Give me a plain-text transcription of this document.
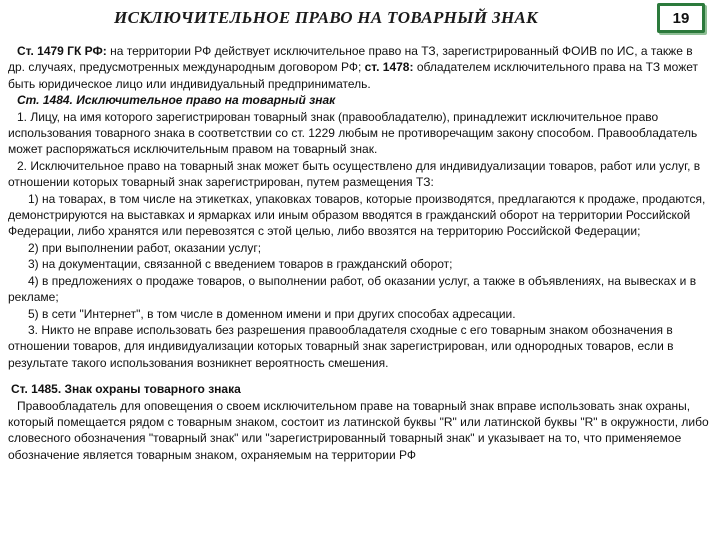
ИСКЛЮЧИТЕЛЬНОЕ ПРАВО НА ТОВАРНЫЙ ЗНАК	19

Ст. 1479 ГК РФ: на территории РФ действует исключительное право на ТЗ, зарегистрированный ФОИВ по ИС, а также в др. случаях, предусмотренных международным договором РФ; ст. 1478: обладателем исключительного права на ТЗ может быть юридическое лицо или индивидуальный предприниматель.

Ст. 1484. Исключительное право на товарный знак

1. Лицу, на имя которого зарегистрирован товарный знак (правообладателю), принадлежит исключительное право использования товарного знака в соответствии со ст. 1229 любым не противоречащим закону способом. Правообладатель может распоряжаться исключительным правом на товарный знак.

2. Исключительное право на товарный знак может быть осуществлено для индивидуализации товаров, работ или услуг, в отношении которых товарный знак зарегистрирован, путем размещения ТЗ:

1) на товарах, в том числе на этикетках, упаковках товаров, которые производятся, предлагаются к продаже, продаются, демонстрируются на выставках и ярмарках или иным образом вводятся в гражданский оборот на территории Российской Федерации, либо хранятся или перевозятся с этой целью, либо ввозятся на территорию Российской Федерации;

2) при выполнении работ, оказании услуг;

3) на документации, связанной с введением товаров в гражданский оборот;

4) в предложениях о продаже товаров, о выполнении работ, об оказании услуг, а также в объявлениях, на вывесках и в рекламе;

5) в сети "Интернет", в том числе в доменном имени и при других способах адресации.

3. Никто не вправе использовать без разрешения правообладателя сходные с его товарным знаком обозначения в отношении товаров, для индивидуализации которых товарный знак зарегистрирован, или однородных товаров, если в результате такого использования возникнет вероятность смешения.

Ст. 1485. Знак охраны товарного знака

Правообладатель для оповещения о своем исключительном праве на товарный знак вправе использовать знак охраны, который помещается рядом с товарным знаком, состоит из латинской буквы "R" или латинской буквы "R" в окружности, либо словесного обозначения "товарный знак" или "зарегистрированный товарный знак" и указывает на то, что применяемое обозначение является товарным знаком, охраняемым на территории РФ
